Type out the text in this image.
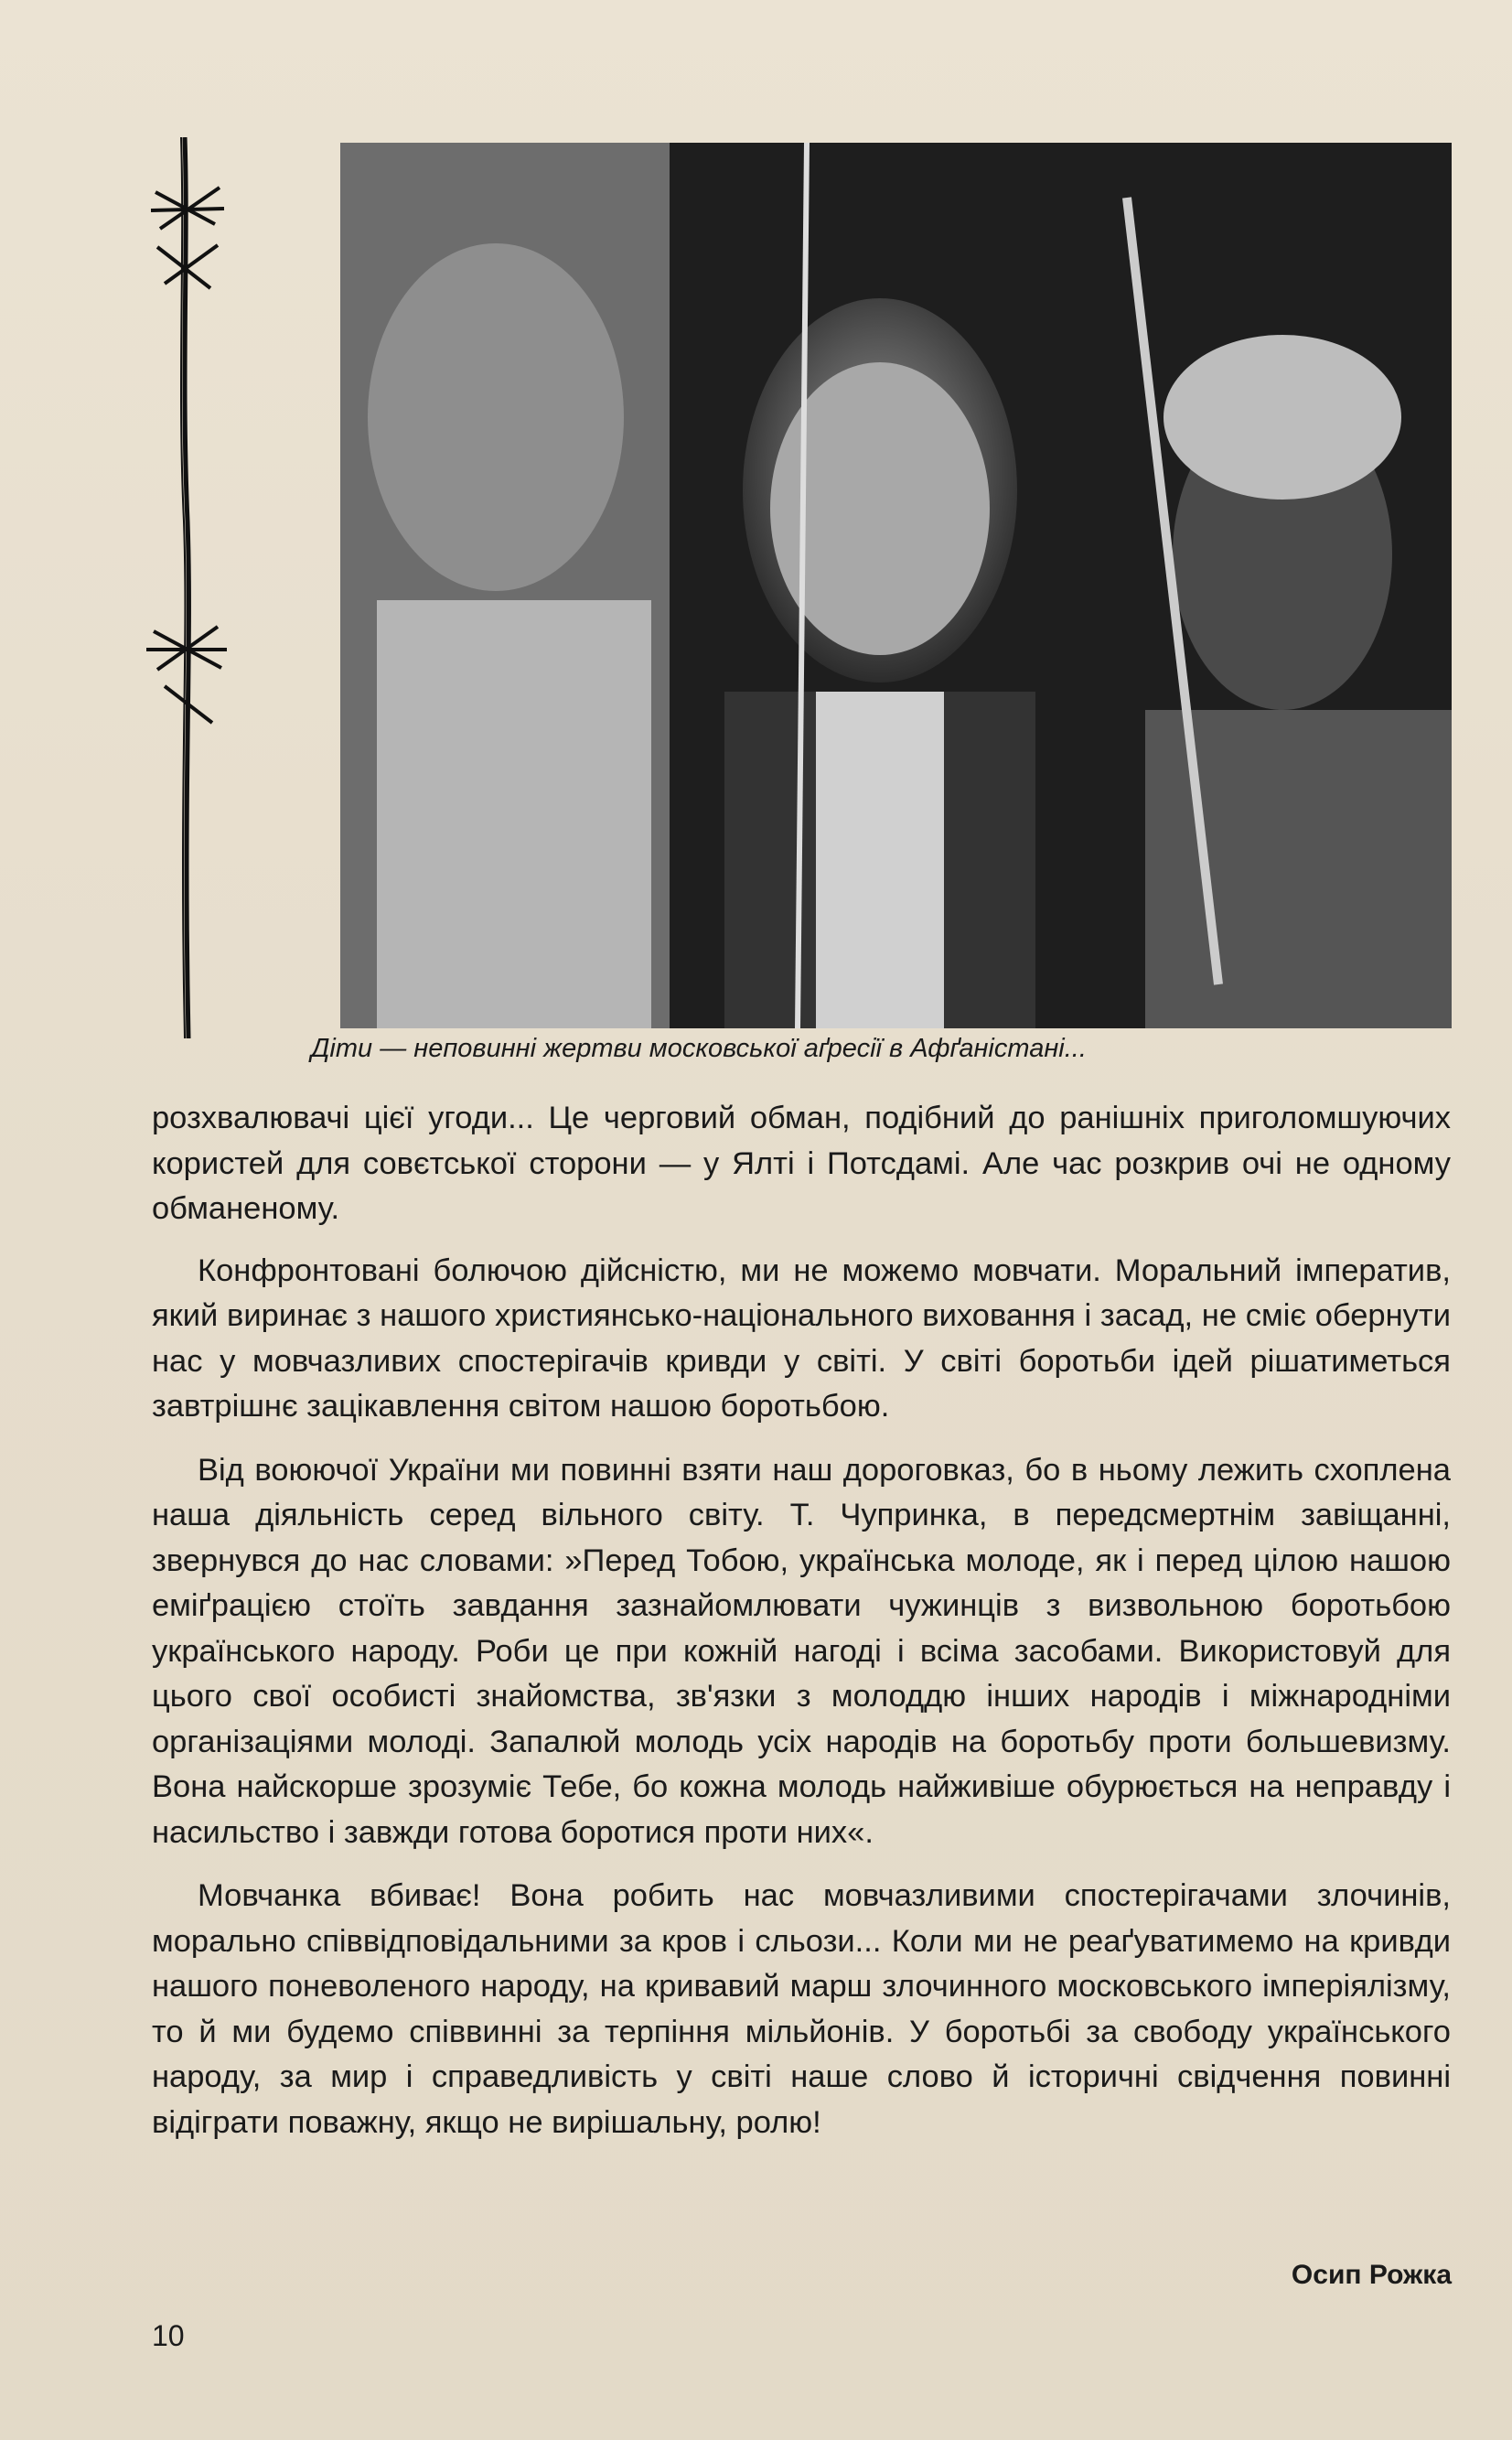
Діти — неповинні жертви московської аґресії в Афґаністані...

розхвалювачі цієї угоди... Це черговий обман, подібний до ранішніх приголомшуючих користей для совєтської сторони — у Ялті і Потсдамі. Але час розкрив очі не одному обманеному.

Конфронтовані болючою дійсністю, ми не можемо мовчати. Моральний імператив, який виринає з нашого християнсько-національного виховання і засад, не сміє обернути нас у мовчазливих спостерігачів кривди у світі. У світі боротьби ідей рішатиметься завтрішнє зацікавлення світом нашою боротьбою.

Від воюючої України ми повинні взяти наш дороговказ, бо в ньому лежить схоплена наша діяльність серед вільного світу. Т. Чупринка, в передсмертнім завіщанні, звернувся до нас словами: »Перед Тобою, українська молоде, як і перед цілою нашою еміґрацією стоїть завдання зазнайомлювати чужинців з визвольною боротьбою українського народу. Роби це при кожній нагоді і всіма засобами. Використовуй для цього свої особисті знайомства, зв'язки з молоддю інших народів і міжнародніми організаціями молоді. Запалюй молодь усіх народів на боротьбу проти большевизму. Вона найскорше зрозуміє Тебе, бо кожна молодь найживіше обурюється на неправду і насильство і завжди готова боротися проти них«.

Мовчанка вбиває! Вона робить нас мовчазливими спостерігачами злочинів, морально співвідповідальними за кров і сльози... Коли ми не реаґуватимемо на кривди нашого поневоленого народу, на кривавий марш злочинного московського імперіялізму, то й ми будемо співвинні за терпіння мільйонів. У боротьбі за свободу українського народу, за мир і справедливість у світі наше слово й історичні свідчення повинні відіграти поважну, якщо не вирішальну, ролю!

Осип Рожка
10
